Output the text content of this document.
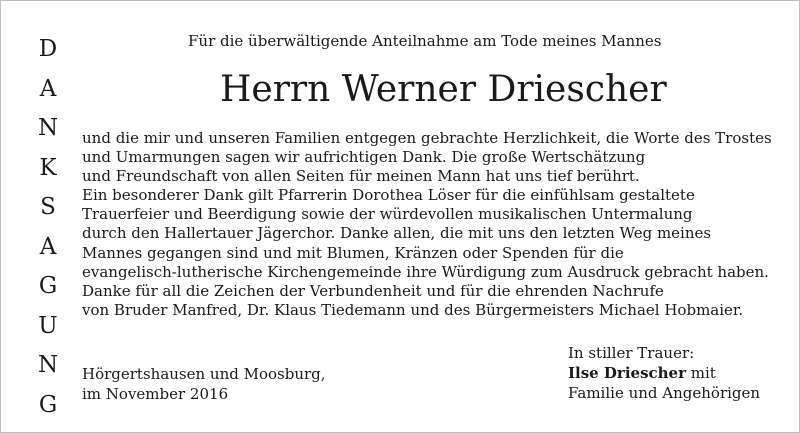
D
A
N
K
S
A
G
U
N
G
Für die überwältigende Anteilnahme am Tode meines Mannes
Herrn Werner Driescher
und die mir und unseren Familien entgegen gebrachte Herzlichkeit, die Worte des Trostes
und Umarmungen sagen wir aufrichtigen Dank. Die große Wertschätzung
und Freundschaft von allen Seiten für meinen Mann hat uns tief berührt.
Ein besonderer Dank gilt Pfarrerin Dorothea Löser für die einfühlsam gestaltete
Trauerfeier und Beerdigung sowie der würdevollen musikalischen Untermalung
durch den Hallertauer Jägerchor. Danke allen, die mit uns den letzten Weg meines
Mannes gegangen sind und mit Blumen, Kränzen oder Spenden für die
evangelisch-lutherische Kirchengemeinde ihre Würdigung zum Ausdruck gebracht haben.
Danke für all die Zeichen der Verbundenheit und für die ehrenden Nachrufe
von Bruder Manfred, Dr. Klaus Tiedemann und des Bürgermeisters Michael Hobmaier.
Hörgertshausen und Moosburg,
im November 2016
In stiller Trauer:
Ilse Driescher mit
Familie und Angehörigen
